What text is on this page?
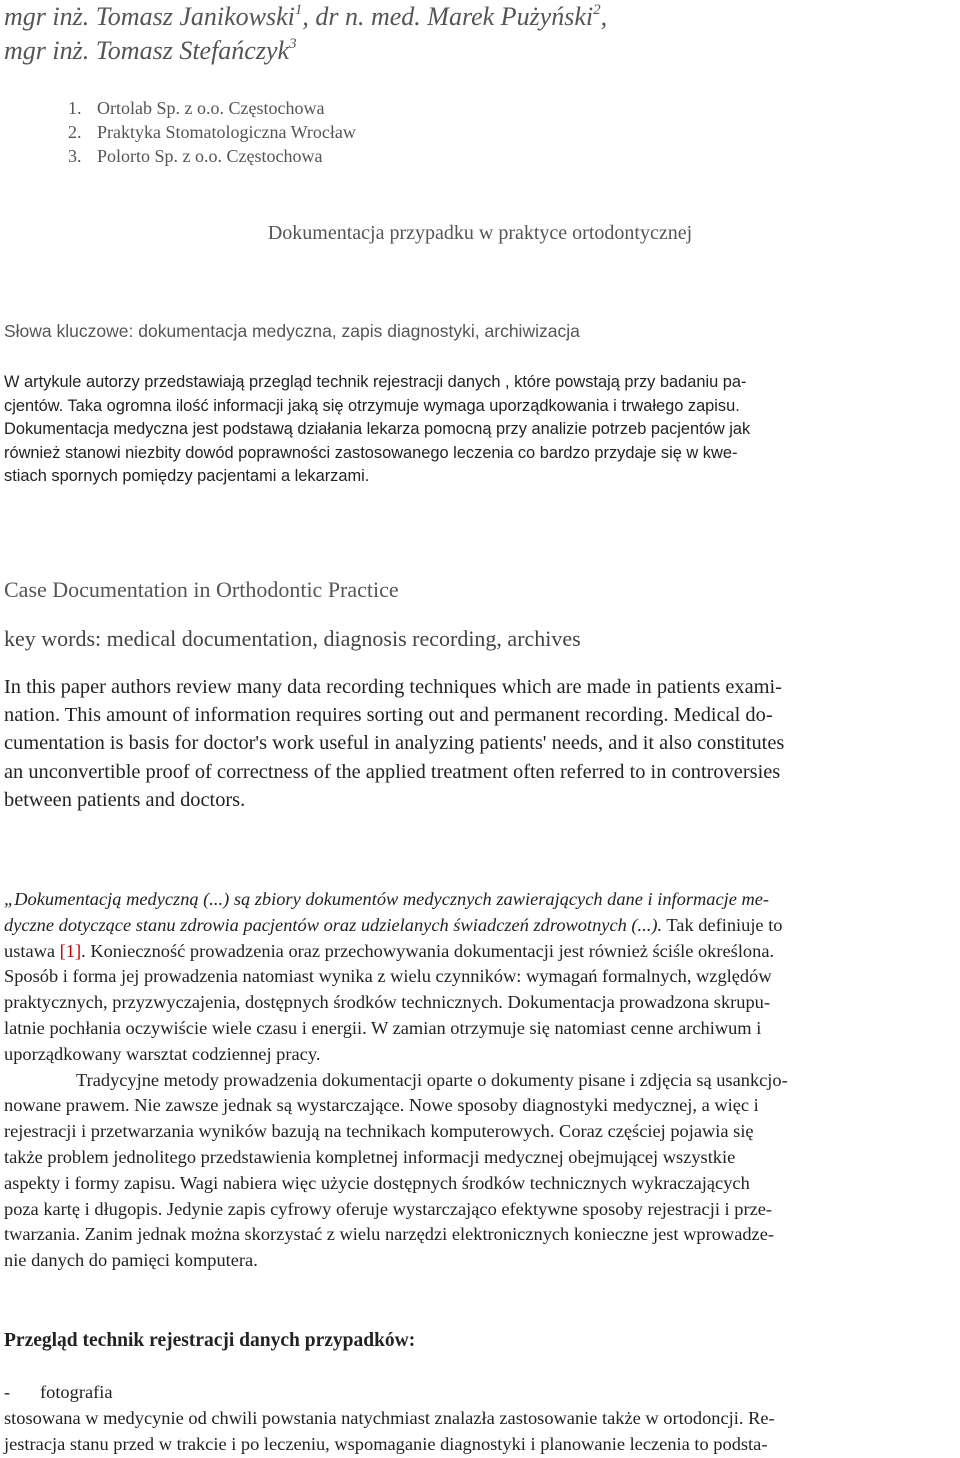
mgr inż. Tomasz Janikowski$^1$, dr n. med. Marek Pużyński$^2$,
mgr inż. Tomasz Stefańczyk$^3$
1. Ortolab Sp. z o.o. Częstochowa
2. Praktyka Stomatologiczna Wrocław
3. Polorto Sp. z o.o. Częstochowa
Dokumentacja przypadku w praktyce ortodontycznej
Słowa kluczowe: dokumentacja medyczna, zapis diagnostyki, archiwizacja
W artykule autorzy przedstawiają przegląd technik rejestracji danych , które powstają przy badaniu pa-
cjentów. Taka ogromna ilość informacji jaką się otrzymuje wymaga uporządkowania i trwałego zapisu.
Dokumentacja medyczna jest podstawą działania lekarza pomocną przy analizie potrzeb pacjentów jak
również stanowi niezbity dowód poprawności zastosowanego leczenia co bardzo przydaje się w kwe-
stiach spornych pomiędzy pacjentami a lekarzami.
Case Documentation in Orthodontic Practice
key words: medical documentation, diagnosis recording, archives
In this paper authors review many data recording techniques which are made in patients exami-
nation. This amount of information requires sorting out and permanent recording. Medical do-
cumentation is basis for doctor's work useful in analyzing patients' needs, and it also constitutes
an unconvertible proof of correctness of the applied treatment often referred to in controversies
between patients and doctors.
„Dokumentacją medyczną (...) są zbiory dokumentów medycznych zawierających dane i informacje me-
dyczne dotyczące stanu zdrowia pacjentów oraz udzielanych świadczeń zdrowotnych (...). Tak definiuje to
ustawa [1]. Konieczność prowadzenia oraz przechowywania dokumentacji jest również ściśle określona.
Sposób i forma jej prowadzenia natomiast wynika z wielu czynników: wymagań formalnych, względów
praktycznych, przyzwyczajenia, dostępnych środków technicznych. Dokumentacja prowadzona skrupu-
latnie pochłania oczywiście wiele czasu i energii. W zamian otrzymuje się natomiast cenne archiwum i
uporządkowany warsztat codziennej pracy.
Tradycyjne metody prowadzenia dokumentacji oparte o dokumenty pisane i zdjęcia są usankcjo-
nowane prawem. Nie zawsze jednak są wystarczające. Nowe sposoby diagnostyki medycznej, a więc i
rejestracji i przetwarzania wyników bazują na technikach komputerowych. Coraz częściej pojawia się
także problem jednolitego przedstawienia kompletnej informacji medycznej obejmującej wszystkie
aspekty i formy zapisu. Wagi nabiera więc użycie dostępnych środków technicznych wykraczających
poza kartę i długopis. Jedynie zapis cyfrowy oferuje wystarczająco efektywne sposoby rejestracji i prze-
twarzania. Zanim jednak można skorzystać z wielu narzędzi elektronicznych konieczne jest wprowadze-
nie danych do pamięci komputera.
Przegląd technik rejestracji danych przypadków:
- fotografia
stosowana w medycynie od chwili powstania natychmiast znalazła zastosowanie także w ortodoncji. Re-
jestracja stanu przed w trakcie i po leczeniu, wspomaganie diagnostyki i planowanie leczenia to podsta-
